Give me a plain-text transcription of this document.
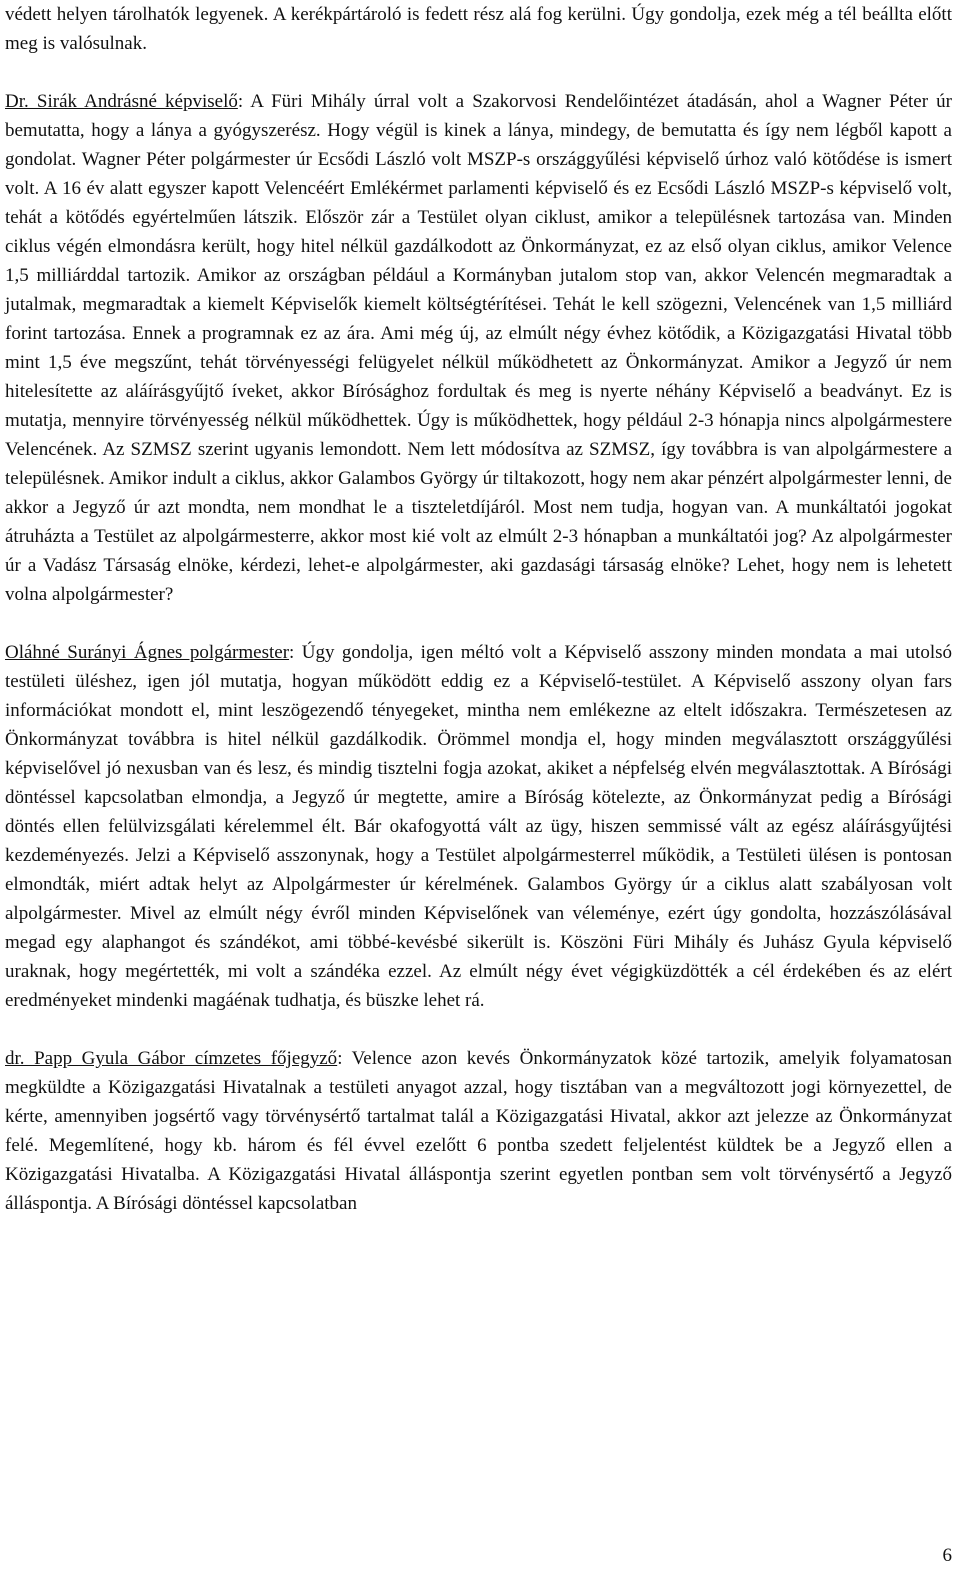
védett helyen tárolhatók legyenek. A kerékpártároló is fedett rész alá fog kerülni. Úgy gondolja, ezek még a tél beállta előtt meg is valósulnak.

Dr. Sirák Andrásné képviselő: A Füri Mihály úrral volt a Szakorvosi Rendelőintézet átadásán, ahol a Wagner Péter úr bemutatta, hogy a lánya a gyógyszerész. Hogy végül is kinek a lánya, mindegy, de bemutatta és így nem légből kapott a gondolat. Wagner Péter polgármester úr Ecsődi László volt MSZP-s országgyűlési képviselő úrhoz való kötődése is ismert volt. A 16 év alatt egyszer kapott Velencéért Emlékérmet parlamenti képviselő és ez Ecsődi László MSZP-s képviselő volt, tehát a kötődés egyértelműen látszik. Először zár a Testület olyan ciklust, amikor a településnek tartozása van. Minden ciklus végén elmondásra került, hogy hitel nélkül gazdálkodott az Önkormányzat, ez az első olyan ciklus, amikor Velence 1,5 milliárddal tartozik. Amikor az országban például a Kormányban jutalom stop van, akkor Velencén megmaradtak a jutalmak, megmaradtak a kiemelt Képviselők kiemelt költségtérítései. Tehát le kell szögezni, Velencének van 1,5 milliárd forint tartozása. Ennek a programnak ez az ára. Ami még új, az elmúlt négy évhez kötődik, a Közigazgatási Hivatal több mint 1,5 éve megszűnt, tehát törvényességi felügyelet nélkül működhetett az Önkormányzat. Amikor a Jegyző úr nem hitelesítette az aláírásgyűjtő íveket, akkor Bírósághoz fordultak és meg is nyerte néhány Képviselő a beadványt. Ez is mutatja, mennyire törvényesség nélkül működhettek. Úgy is működhettek, hogy például 2-3 hónapja nincs alpolgármestere Velencének. Az SZMSZ szerint ugyanis lemondott. Nem lett módosítva az SZMSZ, így továbbra is van alpolgármestere a településnek. Amikor indult a ciklus, akkor Galambos György úr tiltakozott, hogy nem akar pénzért alpolgármester lenni, de akkor a Jegyző úr azt mondta, nem mondhat le a tiszteletdíjáról. Most nem tudja, hogyan van. A munkáltatói jogokat átruházta a Testület az alpolgármesterre, akkor most kié volt az elmúlt 2-3 hónapban a munkáltatói jog? Az alpolgármester úr a Vadász Társaság elnöke, kérdezi, lehet-e alpolgármester, aki gazdasági társaság elnöke? Lehet, hogy nem is lehetett volna alpolgármester?

Oláhné Surányi Ágnes polgármester: Úgy gondolja, igen méltó volt a Képviselő asszony minden mondata a mai utolsó testületi üléshez, igen jól mutatja, hogyan működött eddig ez a Képviselő-testület. A Képviselő asszony olyan fars információkat mondott el, mint leszögezendő tényegeket, mintha nem emlékezne az eltelt időszakra. Természetesen az Önkormányzat továbbra is hitel nélkül gazdálkodik. Örömmel mondja el, hogy minden megválasztott országgyűlési képviselővel jó nexusban van és lesz, és mindig tisztelni fogja azokat, akiket a népfelség elvén megválasztottak. A Bírósági döntéssel kapcsolatban elmondja, a Jegyző úr megtette, amire a Bíróság kötelezte, az Önkormányzat pedig a Bírósági döntés ellen felülvizsgálati kérelemmel élt. Bár okafogyottá vált az ügy, hiszen semmissé vált az egész aláírásgyűjtési kezdeményezés. Jelzi a Képviselő asszonynak, hogy a Testület alpolgármesterrel működik, a Testületi ülésen is pontosan elmondták, miért adtak helyt az Alpolgármester úr kérelmének. Galambos György úr a ciklus alatt szabályosan volt alpolgármester. Mivel az elmúlt négy évről minden Képviselőnek van véleménye, ezért úgy gondolta, hozzászólásával megad egy alaphangot és szándékot, ami többé-kevésbé sikerült is. Köszöni Füri Mihály és Juhász Gyula képviselő uraknak, hogy megértették, mi volt a szándéka ezzel. Az elmúlt négy évet végigküzdötték a cél érdekében és az elért eredményeket mindenki magáénak tudhatja, és büszke lehet rá.

dr. Papp Gyula Gábor címzetes főjegyző: Velence azon kevés Önkormányzatok közé tartozik, amelyik folyamatosan megküldte a Közigazgatási Hivatalnak a testületi anyagot azzal, hogy tisztában van a megváltozott jogi környezettel, de kérte, amennyiben jogsértő vagy törvénysértő tartalmat talál a Közigazgatási Hivatal, akkor azt jelezze az Önkormányzat felé. Megemlítené, hogy kb. három és fél évvel ezelőtt 6 pontba szedett feljelentést küldtek be a Jegyző ellen a Közigazgatási Hivatalba. A Közigazgatási Hivatal álláspontja szerint egyetlen pontban sem volt törvénysértő a Jegyző álláspontja. A Bírósági döntéssel kapcsolatban

6
